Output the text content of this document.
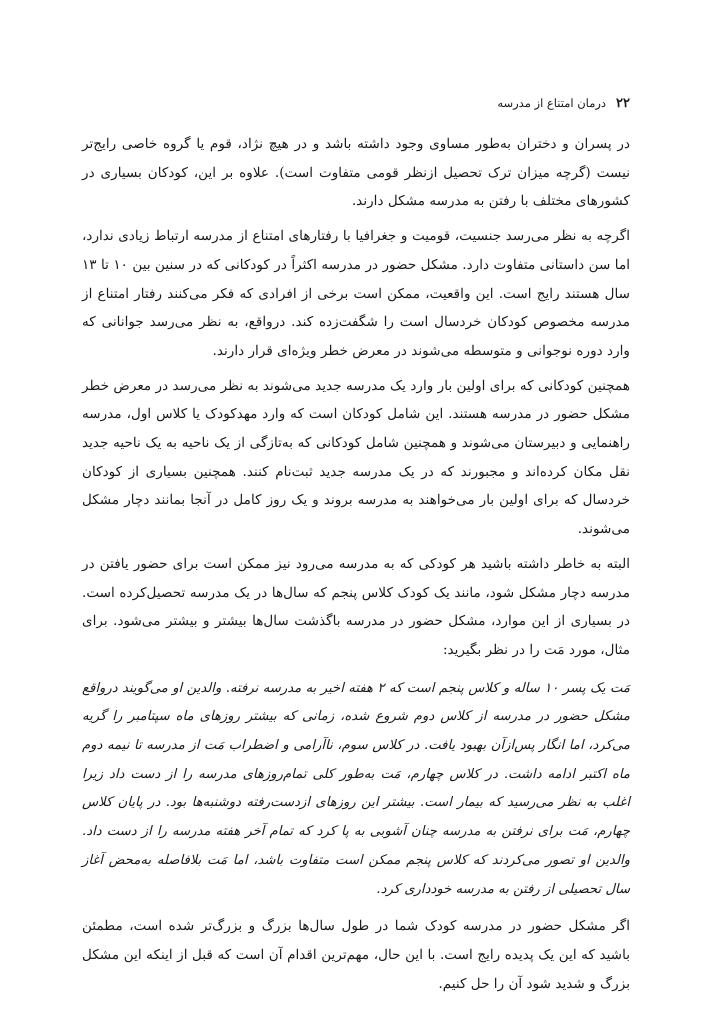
۲۲
درمان امتناع از مدرسه

در پسران و دختران به‌طور مساوی وجود داشته باشد و در هیچ نژاد، قوم یا گروه خاصی رایج‌تر نیست (گرچه میزان ترک تحصیل ازنظر قومی متفاوت است). علاوه بر این، کودکان بسیاری در کشورهای مختلف با رفتن به مدرسه مشکل دارند.

اگرچه به نظر می‌رسد جنسیت، قومیت و جغرافیا با رفتارهای امتناع از مدرسه ارتباط زیادی ندارد، اما سن داستانی متفاوت دارد. مشکل حضور در مدرسه اکثراً در کودکانی که در سنین بین ۱۰ تا ۱۳ سال هستند رایج است. این واقعیت، ممکن است برخی از افرادی که فکر می‌کنند رفتار امتناع از مدرسه مخصوص کودکان خردسال است را شگفت‌زده کند. درواقع، به نظر می‌رسد جوانانی که وارد دوره نوجوانی و متوسطه می‌شوند در معرض خطر ویژه‌ای قرار دارند.

همچنین کودکانی که برای اولین بار وارد یک مدرسه جدید می‌شوند به نظر می‌رسد در معرض خطر مشکل حضور در مدرسه هستند. این شامل کودکان است که وارد مهدکودک یا کلاس اول، مدرسه راهنمایی و دبیرستان می‌شوند و همچنین شامل کودکانی که به‌تازگی از یک ناحیه به یک ناحیه جدید نقل مکان کرده‌اند و مجبورند که در یک مدرسه جدید ثبت‌نام کنند. همچنین بسیاری از کودکان خردسال که برای اولین بار می‌خواهند به مدرسه بروند و یک روز کامل در آنجا بمانند دچار مشکل می‌شوند.

البته به خاطر داشته باشید هر کودکی که به مدرسه می‌رود نیز ممکن است برای حضور یافتن در مدرسه دچار مشکل شود، مانند یک کودک کلاس پنجم که سال‌ها در یک مدرسه تحصیل‌کرده است. در بسیاری از این موارد، مشکل حضور در مدرسه باگذشت سال‌ها بیشتر و بیشتر می‌شود. برای مثال، مورد مَت را در نظر بگیرید:

مَت یک پسر ۱۰ ساله و کلاس پنجم است که ۲ هفته اخیر به مدرسه نرفته. والدین او می‌گویند درواقع مشکل حضور در مدرسه از کلاس دوم شروع شده، زمانی که بیشتر روزهای ماه سپتامبر را گریه می‌کرد، اما انگار پس‌ازآن بهبود یافت. در کلاس سوم، ناآرامی و اضطراب مَت از مدرسه تا نیمه دوم ماه اکتبر ادامه داشت. در کلاس چهارم، مَت به‌طور کلی تمام‌روزهای مدرسه را از دست داد زیرا اغلب به نظر می‌رسید که بیمار است. بیشتر این روزهای ازدست‌رفته دوشنبه‌ها بود. در پایان کلاس چهارم، مَت برای نرفتن به مدرسه چنان آشوبی به پا کرد که تمام آخر هفته مدرسه را از دست داد. والدین او تصور می‌کردند که کلاس پنجم ممکن است متفاوت باشد، اما مَت بلافاصله به‌محض آغاز سال تحصیلی از رفتن به مدرسه خودداری کرد.

اگر مشکل حضور در مدرسه کودک شما در طول سال‌ها بزرگ و بزرگ‌تر شده است، مطمئن باشید که این یک پدیده رایج است. با این حال، مهم‌ترین اقدام آن است که قبل از اینکه این مشکل بزرگ و شدید شود آن را حل کنیم.
